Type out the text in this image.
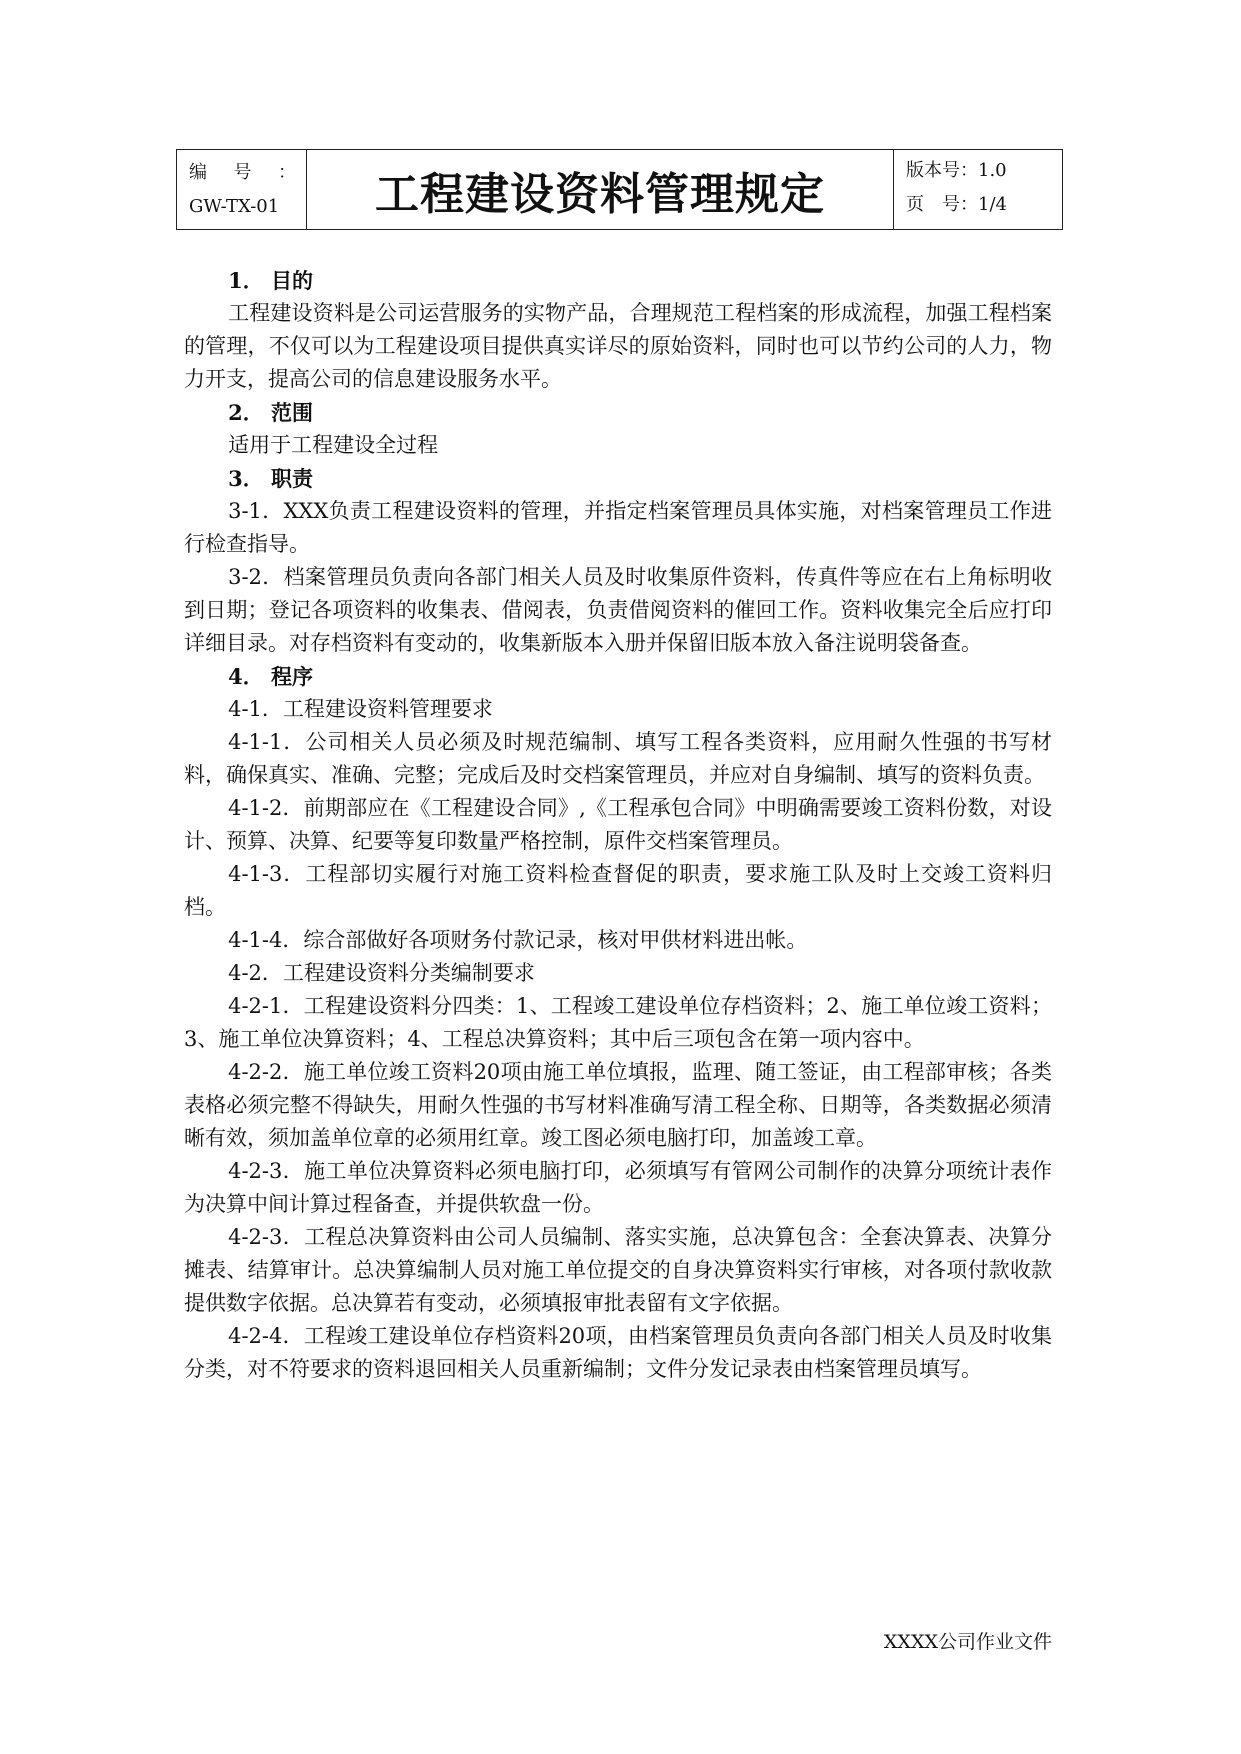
编 号 ：
GW-TX-01	工程建设资料管理规定	版本号：1.0
页　号：1/4

1． 目的

工程建设资料是公司运营服务的实物产品，合理规范工程档案的形成流程，加强工程档案的管理，不仅可以为工程建设项目提供真实详尽的原始资料，同时也可以节约公司的人力，物力开支，提高公司的信息建设服务水平。

2． 范围

适用于工程建设全过程

3． 职责

3-1．XXX负责工程建设资料的管理，并指定档案管理员具体实施，对档案管理员工作进行检查指导。

3-2．档案管理员负责向各部门相关人员及时收集原件资料，传真件等应在右上角标明收到日期；登记各项资料的收集表、借阅表，负责借阅资料的催回工作。资料收集完全后应打印详细目录。对存档资料有变动的，收集新版本入册并保留旧版本放入备注说明袋备查。

4． 程序

4-1．工程建设资料管理要求

4-1-1．公司相关人员必须及时规范编制、填写工程各类资料，应用耐久性强的书写材料，确保真实、准确、完整；完成后及时交档案管理员，并应对自身编制、填写的资料负责。

4-1-2．前期部应在《工程建设合同》,《工程承包合同》中明确需要竣工资料份数，对设计、预算、决算、纪要等复印数量严格控制，原件交档案管理员。

4-1-3．工程部切实履行对施工资料检查督促的职责，要求施工队及时上交竣工资料归档。

4-1-4．综合部做好各项财务付款记录，核对甲供材料进出帐。

4-2．工程建设资料分类编制要求

4-2-1．工程建设资料分四类：1、工程竣工建设单位存档资料；2、施工单位竣工资料；3、施工单位决算资料；4、工程总决算资料；其中后三项包含在第一项内容中。

4-2-2．施工单位竣工资料20项由施工单位填报，监理、随工签证，由工程部审核；各类表格必须完整不得缺失，用耐久性强的书写材料准确写清工程全称、日期等，各类数据必须清晰有效，须加盖单位章的必须用红章。竣工图必须电脑打印，加盖竣工章。

4-2-3．施工单位决算资料必须电脑打印，必须填写有管网公司制作的决算分项统计表作为决算中间计算过程备查，并提供软盘一份。

4-2-3．工程总决算资料由公司人员编制、落实实施，总决算包含：全套决算表、决算分摊表、结算审计。总决算编制人员对施工单位提交的自身决算资料实行审核，对各项付款收款提供数字依据。总决算若有变动，必须填报审批表留有文字依据。

4-2-4．工程竣工建设单位存档资料20项，由档案管理员负责向各部门相关人员及时收集分类，对不符要求的资料退回相关人员重新编制；文件分发记录表由档案管理员填写。

XXXX公司作业文件
